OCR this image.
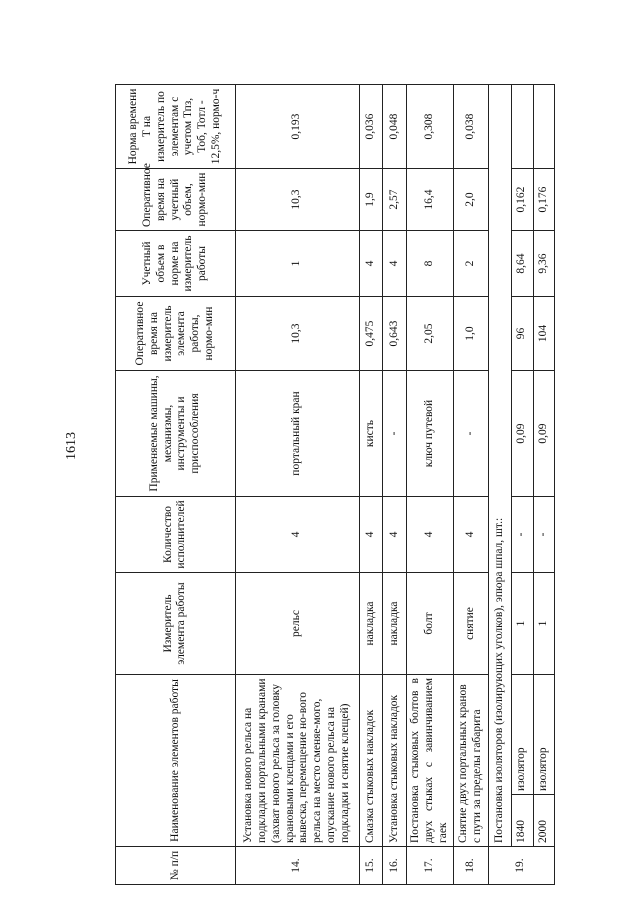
1613
№ п/п	Наименование элементов работы		Измеритель элемента работы	Количество исполнителей	Применяемые машины, механизмы, инструменты и приспособления	Оперативное время на измеритель элемента работы, нормо-мин	Учетный объем в норме на измеритель работы	Оперативное время на учетный объем, нормо-мин	Норма времени Т на измеритель по элементам с учетом Тпз, Тоб, Тотл - 12,5%, нормо-ч
14.	Установка нового рельса на подкладки портальными кранами (захват нового рельса за головку крановыми клещами и его вывеска, перемещение но-вого рельса на место сменяе-мого, опускание нового рельса на подкладки и снятие клещей)		рельс	4	портальный кран	10,3	1	10,3	0,193
15.	Смазка стыковых накладок		накладка	4	кисть	0,475	4	1,9	0,036
16.	Установка стыковых накладок		накладка	4	-	0,643	4	2,57	0,048
17.	Постановка стыковых болтов в двух стыках с завинчиванием гаек		болт	4	ключ путевой	2,05	8	16,4	0,308
18.	Снятие двух портальных кранов с пути за пределы габарита		снятие	4	-	1,0	2	2,0	0,038
19.	Постановка изоляторов (изолирующих уголков), эпюра шпал, шт.:								
	1840	изолятор	1	-	0,09	96	8,64	0,162	
	2000	изолятор	1	-	0,09	104	9,36	0,176	
